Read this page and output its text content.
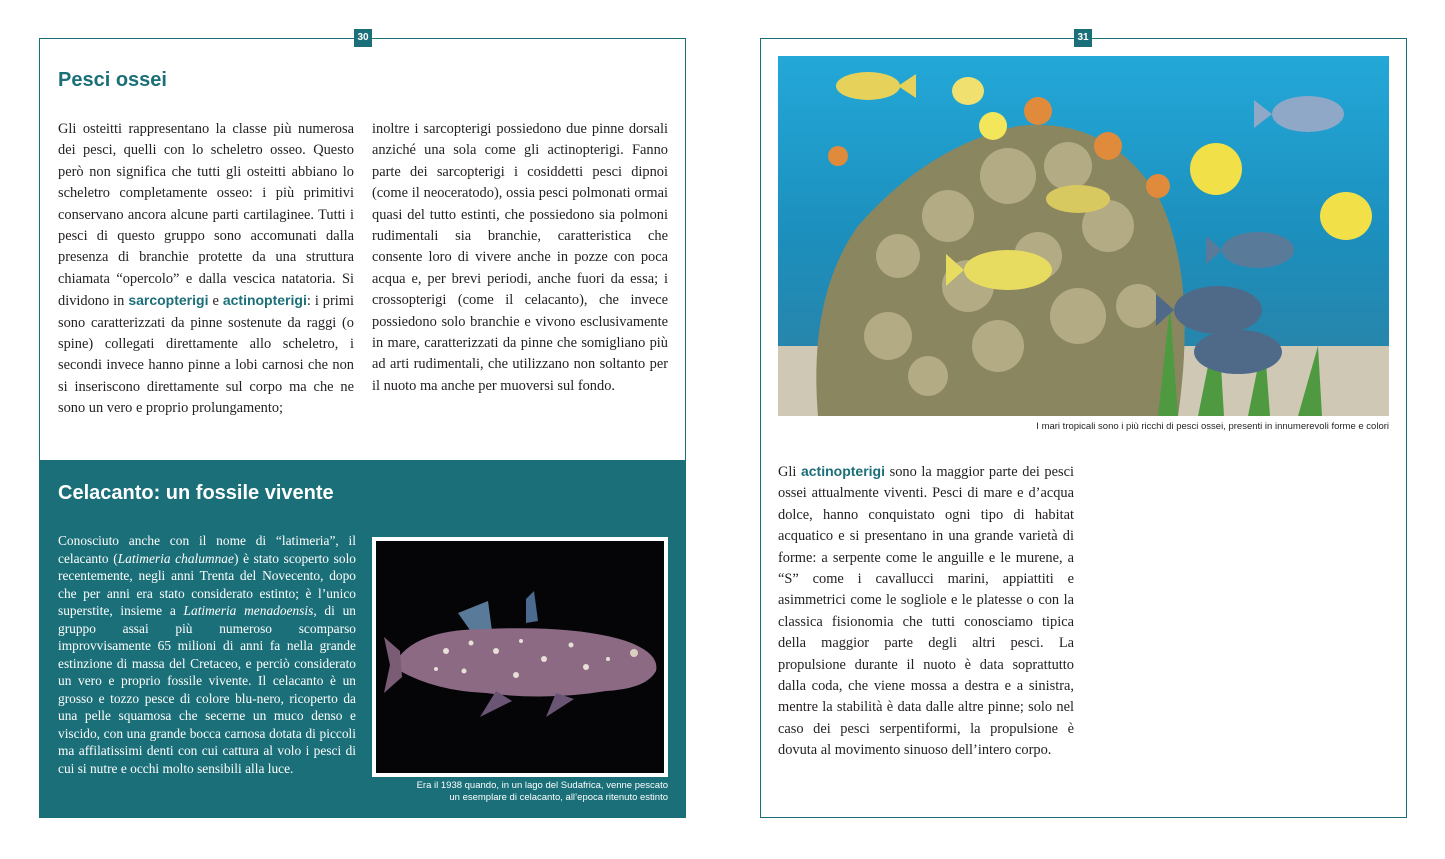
30
Pesci ossei
Gli osteitti rappresentano la classe più numerosa dei pesci, quelli con lo scheletro osseo. Questo però non significa che tutti gli osteitti abbiano lo scheletro completamente osseo: i più primitivi conservano ancora alcune parti cartilaginee. Tutti i pesci di questo gruppo sono accomunati dalla presenza di branchie protette da una struttura chiamata “opercolo” e dalla vescica natatoria. Si dividono in sarcopterigi e actinopterigi: i primi sono caratterizzati da pinne sostenute da raggi (o spine) collegati direttamente allo scheletro, i secondi invece hanno pinne a lobi carnosi che non si inseriscono direttamente sul corpo ma che ne sono un vero e proprio prolungamento;
inoltre i sarcopterigi possiedono due pinne dorsali anziché una sola come gli actinopterigi. Fanno parte dei sarcopterigi i cosiddetti pesci dipnoi (come il neoceratodo), ossia pesci polmonati ormai quasi del tutto estinti, che possiedono sia polmoni rudimentali sia branchie, caratteristica che consente loro di vivere anche in pozze con poca acqua e, per brevi periodi, anche fuori da essa; i crossopterigi (come il celacanto), che invece possiedono solo branchie e vivono esclusivamente in mare, caratterizzati da pinne che somigliano più ad arti rudimentali, che utilizzano non soltanto per il nuoto ma anche per muoversi sul fondo.
Celacanto: un fossile vivente
Conosciuto anche con il nome di “latimeria”, il celacanto (Latimeria chalumnae) è stato scoperto solo recentemente, negli anni Trenta del Novecento, dopo che per anni era stato considerato estinto; è l’unico superstite, insieme a Latimeria menadoensis, di un gruppo assai più numeroso scomparso improvvisamente 65 milioni di anni fa nella grande estinzione di massa del Cretaceo, e perciò considerato un vero e proprio fossile vivente. Il celacanto è un grosso e tozzo pesce di colore blu-nero, ricoperto da una pelle squamosa che secerne un muco denso e viscido, con una grande bocca carnosa dotata di piccoli ma affilatissimi denti con cui cattura al volo i pesci di cui si nutre e occhi molto sensibili alla luce.
Era il 1938 quando, in un lago del Sudafrica, venne pescato
un esemplare di celacanto, all’epoca ritenuto estinto
31
I mari tropicali sono i più ricchi di pesci ossei, presenti in innumerevoli forme e colori
Gli actinopterigi sono la maggior parte dei pesci ossei attualmente viventi. Pesci di mare e d’acqua dolce, hanno conquistato ogni tipo di habitat acquatico e si presentano in una grande varietà di forme: a serpente come le anguille e le murene, a “S” come i cavallucci marini, appiattiti e asimmetrici come le sogliole e le platesse o con la classica fisionomia che tutti conosciamo tipica della maggior parte degli altri pesci. La propulsione durante il nuoto è data soprattutto dalla coda, che viene mossa a destra e a sinistra, mentre la stabilità è data dalle altre pinne; solo nel caso dei pesci serpentiformi, la propulsione è dovuta al movimento sinuoso dell’intero corpo.
